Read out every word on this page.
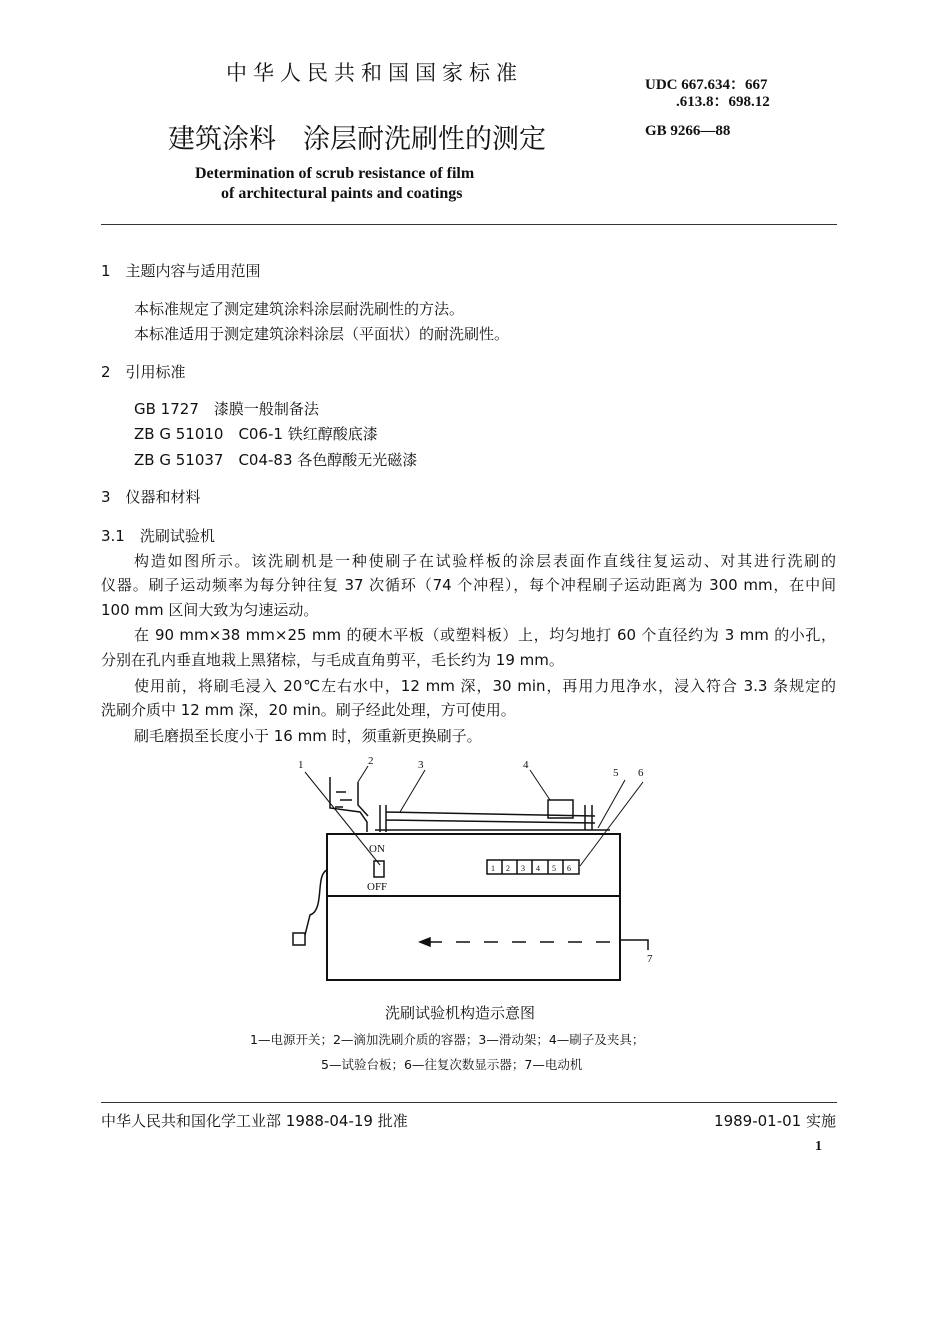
中华人民共和国国家标准	UDC 667.634：667
.613.8：698.12
建筑涂料　涂层耐洗刷性的测定	GB 9266—88
Determination of scrub resistance of film
of architectural paints and coatings
1　主题内容与适用范围
本标准规定了测定建筑涂料涂层耐洗刷性的方法。
本标准适用于测定建筑涂料涂层（平面状）的耐洗刷性。
2　引用标准
GB 1727　漆膜一般制备法
ZB G 51010　C06-1 铁红醇酸底漆
ZB G 51037　C04-83 各色醇酸无光磁漆
3　仪器和材料
3.1　洗刷试验机
构造如图所示。该洗刷机是一种使刷子在试验样板的涂层表面作直线往复运动、对其进行洗刷的
仪器。刷子运动频率为每分钟往复 37 次循环（74 个冲程），每个冲程刷子运动距离为 300 mm，在中间
100 mm 区间大致为匀速运动。
在 90 mm×38 mm×25 mm 的硬木平板（或塑料板）上，均匀地打 60 个直径约为 3 mm 的小孔，
分别在孔内垂直地栽上黑猪棕，与毛成直角剪平，毛长约为 19 mm。
使用前，将刷毛浸入 20℃左右水中，12 mm 深，30 min，再用力甩净水，浸入符合 3.3 条规定的
洗刷介质中 12 mm 深，20 min。刷子经此处理，方可使用。
刷毛磨损至长度小于 16 mm 时，须重新更换刷子。
1	2	3	4
5 6
7
ON
OFF
1 2 3 4 5 6
洗刷试验机构造示意图
1—电源开关；2—滴加洗刷介质的容器；3—滑动架；4—刷子及夹具；
5—试验台板；6—往复次数显示器；7—电动机
中华人民共和国化学工业部 1988-04-19 批准	1989-01-01 实施
1
